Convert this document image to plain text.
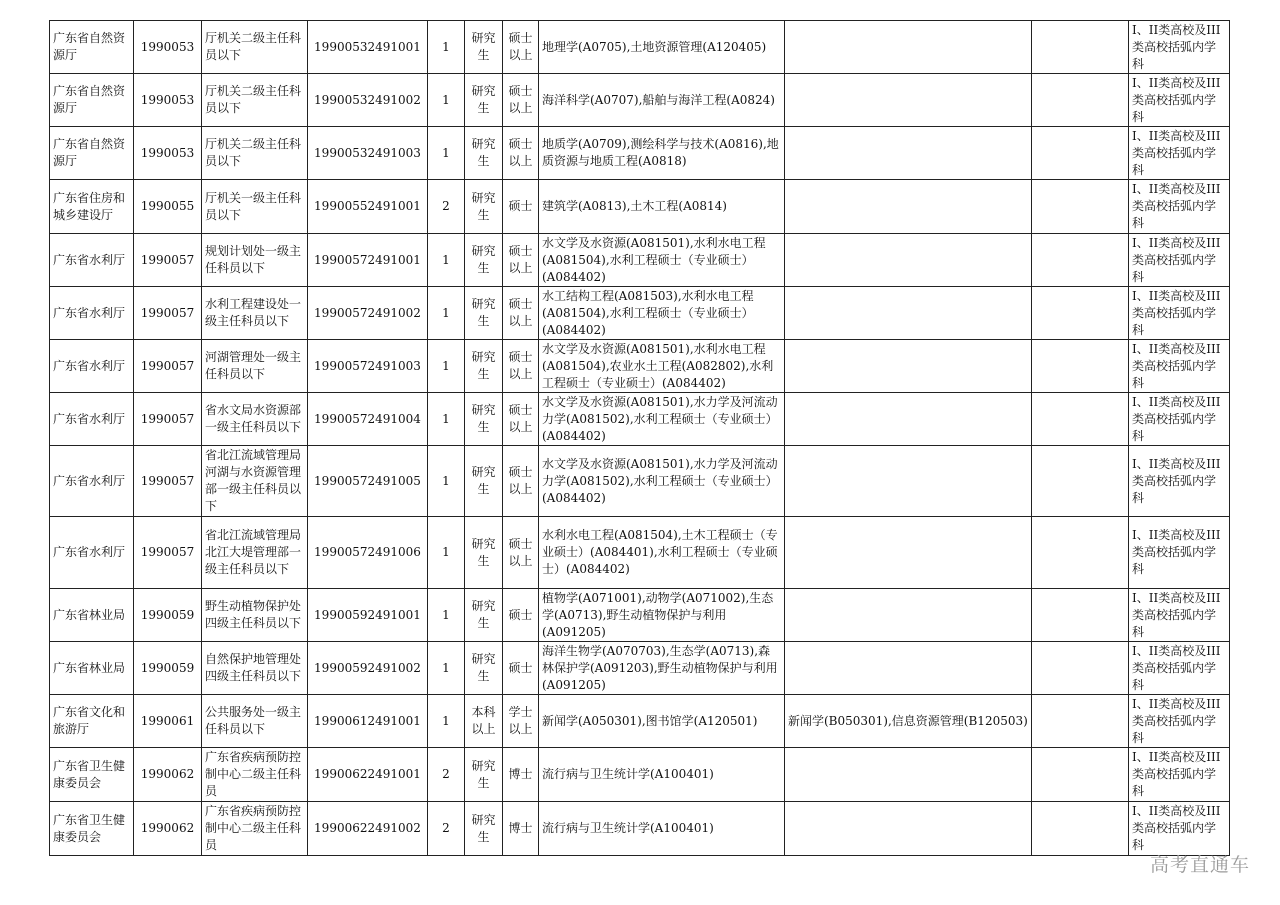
广东省自然资源厅	1990053	厅机关二级主任科员以下	19900532491001	1	研究生	硕士以上	地理学(A0705),土地资源管理(A120405)			I、II类高校及III类高校括弧内学科
广东省自然资源厅	1990053	厅机关二级主任科员以下	19900532491002	1	研究生	硕士以上	海洋科学(A0707),船舶与海洋工程(A0824)			I、II类高校及III类高校括弧内学科
广东省自然资源厅	1990053	厅机关二级主任科员以下	19900532491003	1	研究生	硕士以上	地质学(A0709),测绘科学与技术(A0816),地质资源与地质工程(A0818)			I、II类高校及III类高校括弧内学科
广东省住房和城乡建设厅	1990055	厅机关一级主任科员以下	19900552491001	2	研究生	硕士	建筑学(A0813),土木工程(A0814)			I、II类高校及III类高校括弧内学科
广东省水利厅	1990057	规划计划处一级主任科员以下	19900572491001	1	研究生	硕士以上	水文学及水资源(A081501),水利水电工程(A081504),水利工程硕士（专业硕士）(A084402)			I、II类高校及III类高校括弧内学科
广东省水利厅	1990057	水利工程建设处一级主任科员以下	19900572491002	1	研究生	硕士以上	水工结构工程(A081503),水利水电工程(A081504),水利工程硕士（专业硕士）(A084402)			I、II类高校及III类高校括弧内学科
广东省水利厅	1990057	河湖管理处一级主任科员以下	19900572491003	1	研究生	硕士以上	水文学及水资源(A081501),水利水电工程(A081504),农业水土工程(A082802),水利工程硕士（专业硕士）(A084402)			I、II类高校及III类高校括弧内学科
广东省水利厅	1990057	省水文局水资源部一级主任科员以下	19900572491004	1	研究生	硕士以上	水文学及水资源(A081501),水力学及河流动力学(A081502),水利工程硕士（专业硕士）(A084402)			I、II类高校及III类高校括弧内学科
广东省水利厅	1990057	省北江流域管理局河湖与水资源管理部一级主任科员以下	19900572491005	1	研究生	硕士以上	水文学及水资源(A081501),水力学及河流动力学(A081502),水利工程硕士（专业硕士）(A084402)			I、II类高校及III类高校括弧内学科
广东省水利厅	1990057	省北江流域管理局北江大堤管理部一级主任科员以下	19900572491006	1	研究生	硕士以上	水利水电工程(A081504),土木工程硕士（专业硕士）(A084401),水利工程硕士（专业硕士）(A084402)			I、II类高校及III类高校括弧内学科
广东省林业局	1990059	野生动植物保护处四级主任科员以下	19900592491001	1	研究生	硕士	植物学(A071001),动物学(A071002),生态学(A0713),野生动植物保护与利用(A091205)			I、II类高校及III类高校括弧内学科
广东省林业局	1990059	自然保护地管理处四级主任科员以下	19900592491002	1	研究生	硕士	海洋生物学(A070703),生态学(A0713),森林保护学(A091203),野生动植物保护与利用(A091205)			I、II类高校及III类高校括弧内学科
广东省文化和旅游厅	1990061	公共服务处一级主任科员以下	19900612491001	1	本科以上	学士以上	新闻学(A050301),图书馆学(A120501)	新闻学(B050301),信息资源管理(B120503)		I、II类高校及III类高校括弧内学科
广东省卫生健康委员会	1990062	广东省疾病预防控制中心二级主任科员	19900622491001	2	研究生	博士	流行病与卫生统计学(A100401)			I、II类高校及III类高校括弧内学科
广东省卫生健康委员会	1990062	广东省疾病预防控制中心二级主任科员	19900622491002	2	研究生	博士	流行病与卫生统计学(A100401)			I、II类高校及III类高校括弧内学科
高考直通车
